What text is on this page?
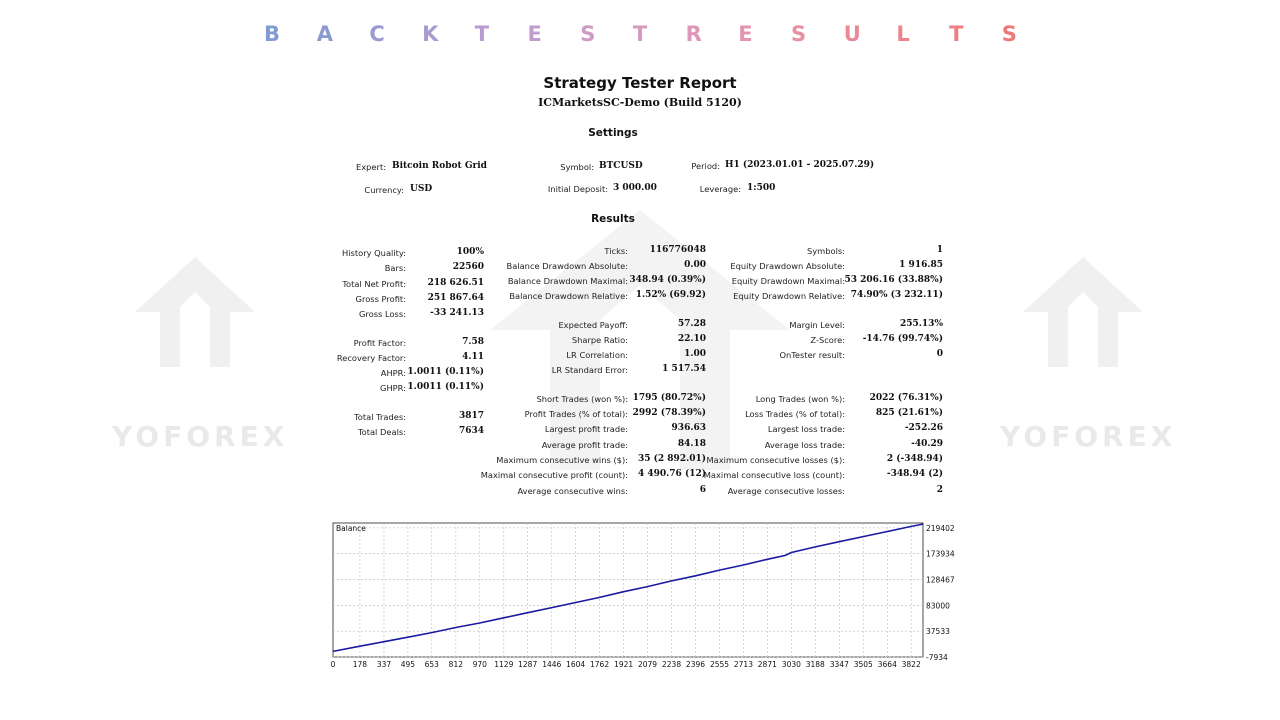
B A C K T E S T R E S U L T S
YOFOREX	YOFOREX
Strategy Tester Report
ICMarketsSC-Demo (Build 5120)
Settings
Expert: Bitcoin Robot Grid	Symbol: BTCUSD	Period: H1 (2023.01.01 - 2025.07.29)
Currency: USD	Initial Deposit: 3 000.00	Leverage: 1:500
Results
History Quality:	100%
Bars:	22560
Total Net Profit:	218 626.51
Gross Profit:	251 867.64
Gross Loss:	-33 241.13
Profit Factor:	7.58
Recovery Factor:	4.11
AHPR: 1.0011 (0.11%)
GHPR: 1.0011 (0.11%)
Total Trades:	3817
Total Deals:	7634
Ticks:	116776048
Balance Drawdown Absolute:	0.00
Balance Drawdown Maximal: 348.94 (0.39%)
Balance Drawdown Relative: 1.52% (69.92)
Expected Payoff:	57.28
Sharpe Ratio:	22.10
LR Correlation:	1.00
LR Standard Error:	1 517.54
Short Trades (won %): 1795 (80.72%)
Profit Trades (% of total): 2992 (78.39%)
Largest profit trade:	936.63
Average profit trade:	84.18
Maximum consecutive wins ($):	35 (2 892.01)
Maximal consecutive profit (count):	4 490.76 (12)
Average consecutive wins:	6
Symbols:	1
Equity Drawdown Absolute:	1 916.85
Equity Drawdown Maximal: 53 206.16 (33.88%)
Equity Drawdown Relative: 74.90% (3 232.11)
Margin Level:	255.13%
Z-Score:	-14.76 (99.74%)
OnTester result:	0
Long Trades (won %):	2022 (76.31%)
Loss Trades (% of total):	825 (21.61%)
Largest loss trade:	-252.26
Average loss trade:	-40.29
Maximum consecutive losses ($):	2 (-348.94)
Maximal consecutive loss (count):	-348.94 (2)
Average consecutive losses:	2
0 178 337 495 653 812 970 1129 1287 1446 1604 1762 1921 2079 2238 2396 2555 2713 2871 3030 3188 3347 3505 3664 3822
219402
173934
128467
83000
37533
-7934
Balance
